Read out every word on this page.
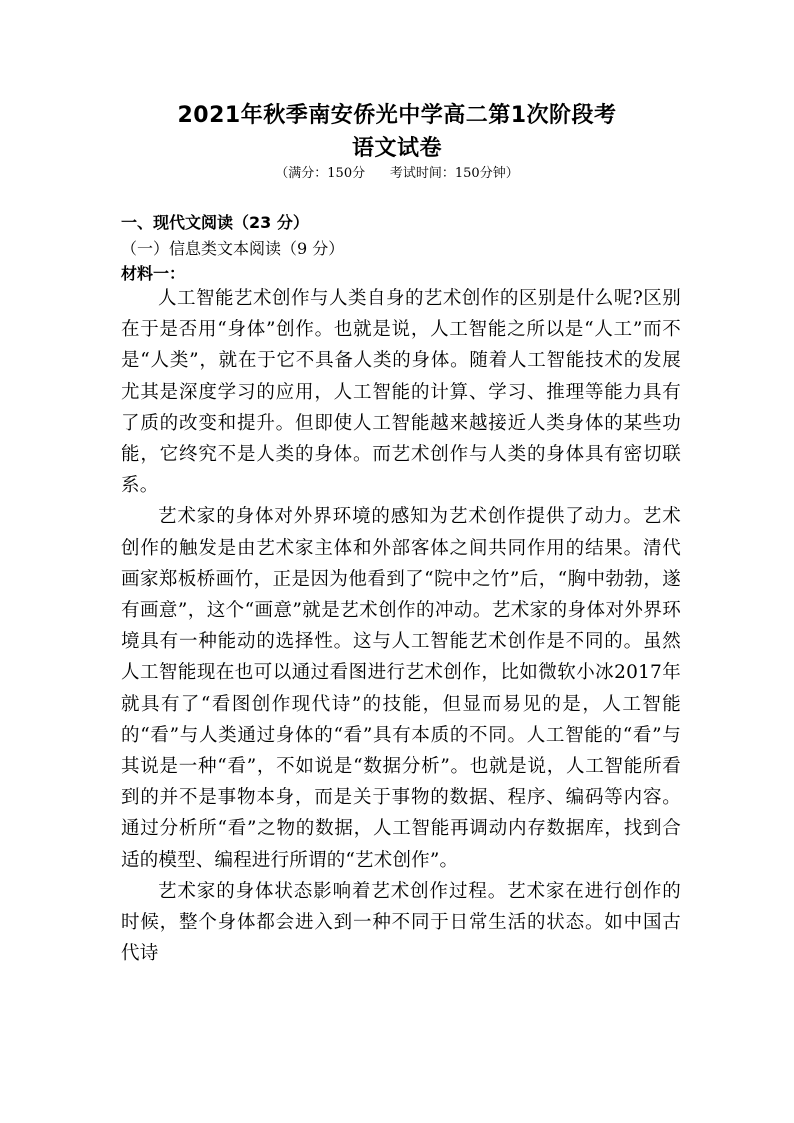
2021年秋季南安侨光中学高二第1次阶段考
语文试卷
（满分：150分      考试时间：150分钟）
一、现代文阅读（23 分）
（一）信息类文本阅读（9 分）
材料一：

人工智能艺术创作与人类自身的艺术创作的区别是什么呢?区别在于是否用“身体”创作。也就是说，人工智能之所以是“人工”而不是“人类”，就在于它不具备人类的身体。随着人工智能技术的发展尤其是深度学习的应用，人工智能的计算、学习、推理等能力具有了质的改变和提升。但即使人工智能越来越接近人类身体的某些功能，它终究不是人类的身体。而艺术创作与人类的身体具有密切联系。

艺术家的身体对外界环境的感知为艺术创作提供了动力。艺术创作的触发是由艺术家主体和外部客体之间共同作用的结果。清代画家郑板桥画竹，正是因为他看到了“院中之竹”后，“胸中勃勃，遂有画意”，这个“画意”就是艺术创作的冲动。艺术家的身体对外界环境具有一种能动的选择性。这与人工智能艺术创作是不同的。虽然人工智能现在也可以通过看图进行艺术创作，比如微软小冰2017年就具有了“看图创作现代诗”的技能，但显而易见的是，人工智能的“看”与人类通过身体的“看”具有本质的不同。人工智能的“看”与其说是一种“看”，不如说是“数据分析”。也就是说，人工智能所看到的并不是事物本身，而是关于事物的数据、程序、编码等内容。通过分析所“看”之物的数据，人工智能再调动内存数据库，找到合适的模型、编程进行所谓的“艺术创作”。

艺术家的身体状态影响着艺术创作过程。艺术家在进行创作的时候，整个身体都会进入到一种不同于日常生活的状态。如中国古代诗
